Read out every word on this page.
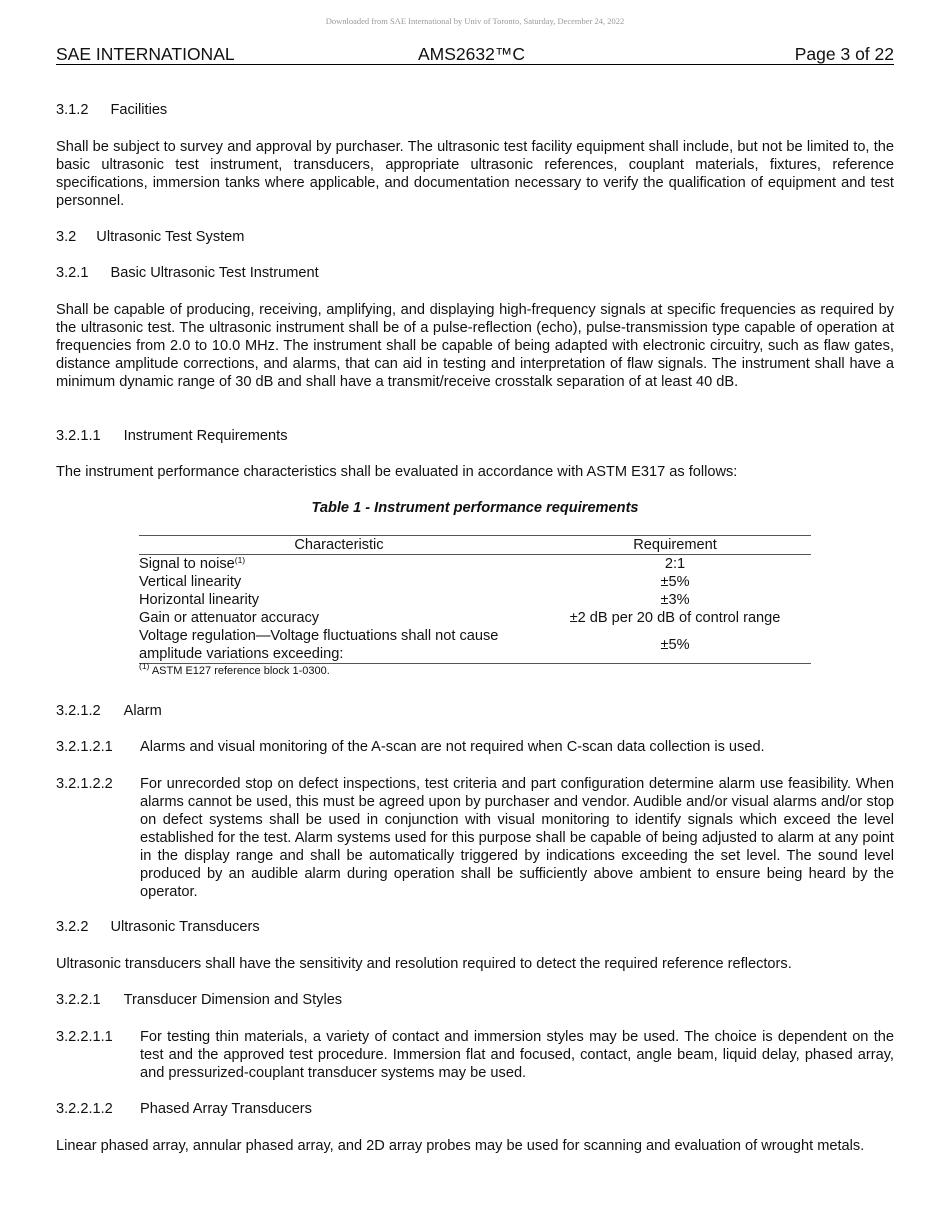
Downloaded from SAE International by Univ of Toronto, Saturday, December 24, 2022
SAE INTERNATIONAL	AMS2632™C	Page 3 of 22
3.1.2 Facilities
Shall be subject to survey and approval by purchaser. The ultrasonic test facility equipment shall include, but not be limited to, the basic ultrasonic test instrument, transducers, appropriate ultrasonic references, couplant materials, fixtures, reference specifications, immersion tanks where applicable, and documentation necessary to verify the qualification of equipment and test personnel.
3.2 Ultrasonic Test System
3.2.1 Basic Ultrasonic Test Instrument
Shall be capable of producing, receiving, amplifying, and displaying high-frequency signals at specific frequencies as required by the ultrasonic test. The ultrasonic instrument shall be of a pulse-reflection (echo), pulse-transmission type capable of operation at frequencies from 2.0 to 10.0 MHz. The instrument shall be capable of being adapted with electronic circuitry, such as flaw gates, distance amplitude corrections, and alarms, that can aid in testing and interpretation of flaw signals. The instrument shall have a minimum dynamic range of 30 dB and shall have a transmit/receive crosstalk separation of at least 40 dB.
3.2.1.1 Instrument Requirements
The instrument performance characteristics shall be evaluated in accordance with ASTM E317 as follows:
Table 1 - Instrument performance requirements
Characteristic	Requirement
Signal to noise$^{(1)}$	2:1
Vertical linearity	±5%
Horizontal linearity	±3%
Gain or attenuator accuracy	±2 dB per 20 dB of control range

Voltage regulation—Voltage fluctuations shall not cause
amplitude variations exceeding:	±5%
$^{(1)}$ ASTM E127 reference block 1-0300.
3.2.1.2 Alarm
3.2.1.2.1 Alarms and visual monitoring of the A-scan are not required when C-scan data collection is used.
3.2.1.2.2 For unrecorded stop on defect inspections, test criteria and part configuration determine alarm use feasibility. When alarms cannot be used, this must be agreed upon by purchaser and vendor. Audible and/or visual alarms and/or stop on defect systems shall be used in conjunction with visual monitoring to identify signals which exceed the level established for the test. Alarm systems used for this purpose shall be capable of being adjusted to alarm at any point in the display range and shall be automatically triggered by indications exceeding the set level. The sound level produced by an audible alarm during operation shall be sufficiently above ambient to ensure being heard by the operator.
3.2.2 Ultrasonic Transducers
Ultrasonic transducers shall have the sensitivity and resolution required to detect the required reference reflectors.
3.2.2.1 Transducer Dimension and Styles
3.2.2.1.1 For testing thin materials, a variety of contact and immersion styles may be used. The choice is dependent on the test and the approved test procedure. Immersion flat and focused, contact, angle beam, liquid delay, phased array, and pressurized-couplant transducer systems may be used.
3.2.2.1.2 Phased Array Transducers
Linear phased array, annular phased array, and 2D array probes may be used for scanning and evaluation of wrought metals.
